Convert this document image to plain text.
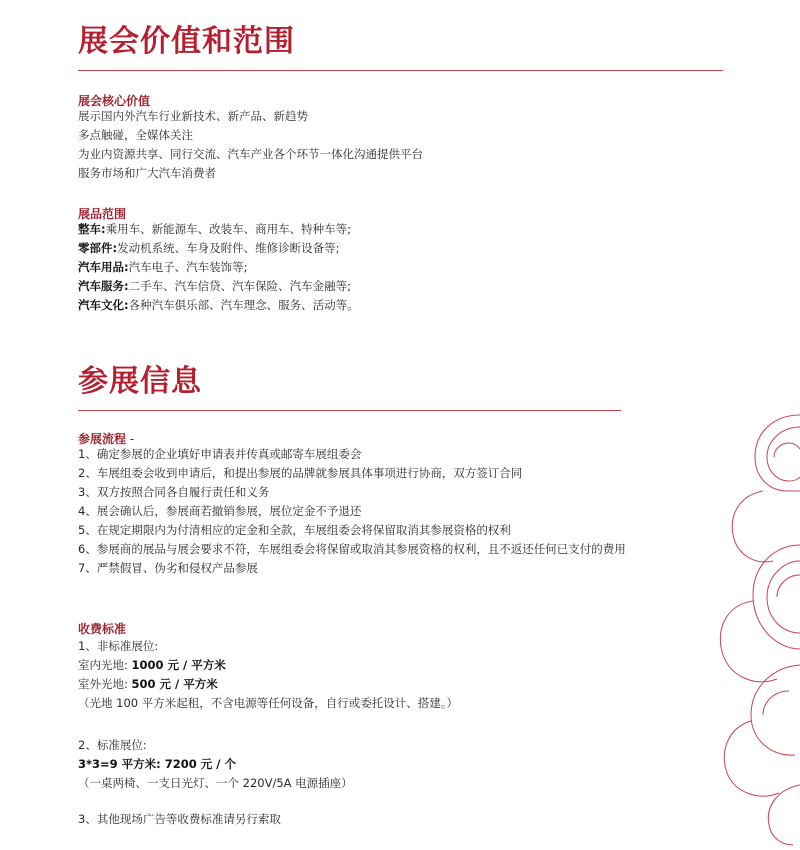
展会价值和范围
展会核心价值
展示国内外汽车行业新技术、新产品、新趋势
多点触碰，全媒体关注
为业内资源共享、同行交流、汽车产业各个环节一体化沟通提供平台
服务市场和广大汽车消费者
展品范围
整车:乘用车、新能源车、改装车、商用车、特种车等;
零部件:发动机系统、车身及附件、维修诊断设备等;
汽车用品:汽车电子、汽车装饰等;
汽车服务:二手车、汽车信贷、汽车保险、汽车金融等;
汽车文化:各种汽车俱乐部、汽车理念、服务、活动等。
参展信息
参展流程 -
1、确定参展的企业填好申请表并传真或邮寄车展组委会
2、车展组委会收到申请后，和提出参展的品牌就参展具体事项进行协商，双方签订合同
3、双方按照合同各自履行责任和义务
4、展会确认后，参展商若撤销参展，展位定金不予退还
5、在规定期限内为付清相应的定金和全款，车展组委会将保留取消其参展资格的权利
6、参展商的展品与展会要求不符，车展组委会将保留或取消其参展资格的权利，且不返还任何已支付的费用
7、严禁假冒、伪劣和侵权产品参展
收费标准
1、非标准展位:
室内光地: 1000 元 / 平方米
室外光地: 500 元 / 平方米
（光地 100 平方米起租，不含电源等任何设备，自行或委托设计、搭建。）
2、标准展位:
3*3=9 平方米: 7200 元 / 个
（一桌两椅、一支日光灯、一个 220V/5A 电源插座）
3、其他现场广告等收费标准请另行索取
